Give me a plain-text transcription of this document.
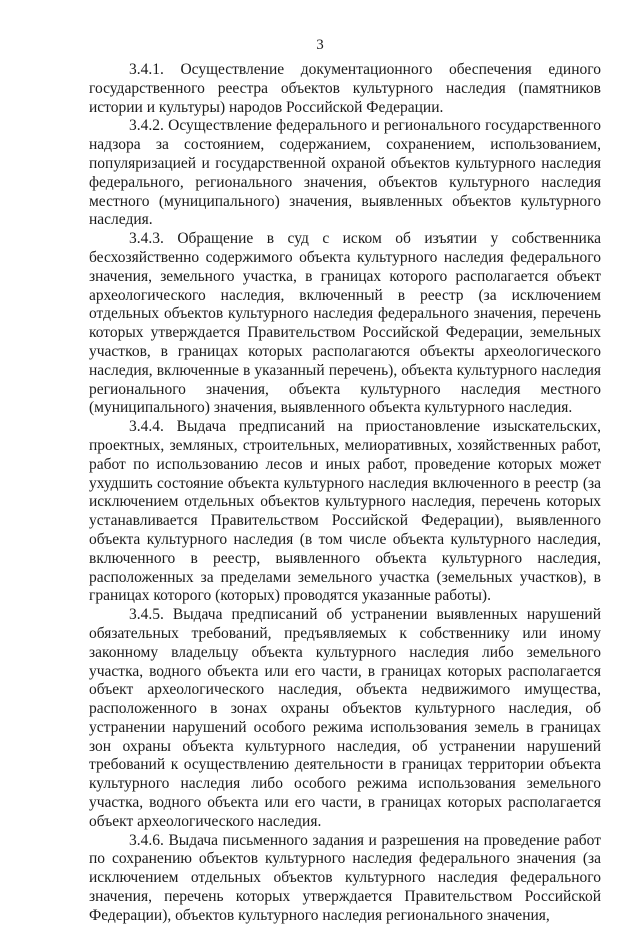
3

3.4.1. Осуществление документационного обеспечения единого государственного реестра объектов культурного наследия (памятников истории и культуры) народов Российской Федерации.

3.4.2. Осуществление федерального и регионального государственного надзора за состоянием, содержанием, сохранением, использованием, популяризацией и государственной охраной объектов культурного наследия федерального, регионального значения, объектов культурного наследия местного (муниципального) значения, выявленных объектов культурного наследия.

3.4.3. Обращение в суд с иском об изъятии у собственника бесхозяйственно содержимого объекта культурного наследия федерального значения, земельного участка, в границах которого располагается объект археологического наследия, включенный в реестр (за исключением отдельных объектов культурного наследия федерального значения, перечень которых утверждается Правительством Российской Федерации, земельных участков, в границах которых располагаются объекты археологического наследия, включенные в указанный перечень), объекта культурного наследия регионального значения, объекта культурного наследия местного (муниципального) значения, выявленного объекта культурного наследия.

3.4.4. Выдача предписаний на приостановление изыскательских, проектных, земляных, строительных, мелиоративных, хозяйственных работ, работ по использованию лесов и иных работ, проведение которых может ухудшить состояние объекта культурного наследия включенного в реестр (за исключением отдельных объектов культурного наследия, перечень которых устанавливается Правительством Российской Федерации), выявленного объекта культурного наследия (в том числе объекта культурного наследия, включенного в реестр, выявленного объекта культурного наследия, расположенных за пределами земельного участка (земельных участков), в границах которого (которых) проводятся указанные работы).

3.4.5. Выдача предписаний об устранении выявленных нарушений обязательных требований, предъявляемых к собственнику или иному законному владельцу объекта культурного наследия либо земельного участка, водного объекта или его части, в границах которых располагается объект археологического наследия, объекта недвижимого имущества, расположенного в зонах охраны объектов культурного наследия, об устранении нарушений особого режима использования земель в границах зон охраны объекта культурного наследия, об устранении нарушений требований к осуществлению деятельности в границах территории объекта культурного наследия либо особого режима использования земельного участка, водного объекта или его части, в границах которых располагается объект археологического наследия.

3.4.6. Выдача письменного задания и разрешения на проведение работ по сохранению объектов культурного наследия федерального значения (за исключением отдельных объектов культурного наследия федерального значения, перечень которых утверждается Правительством Российской Федерации), объектов культурного наследия регионального значения,
